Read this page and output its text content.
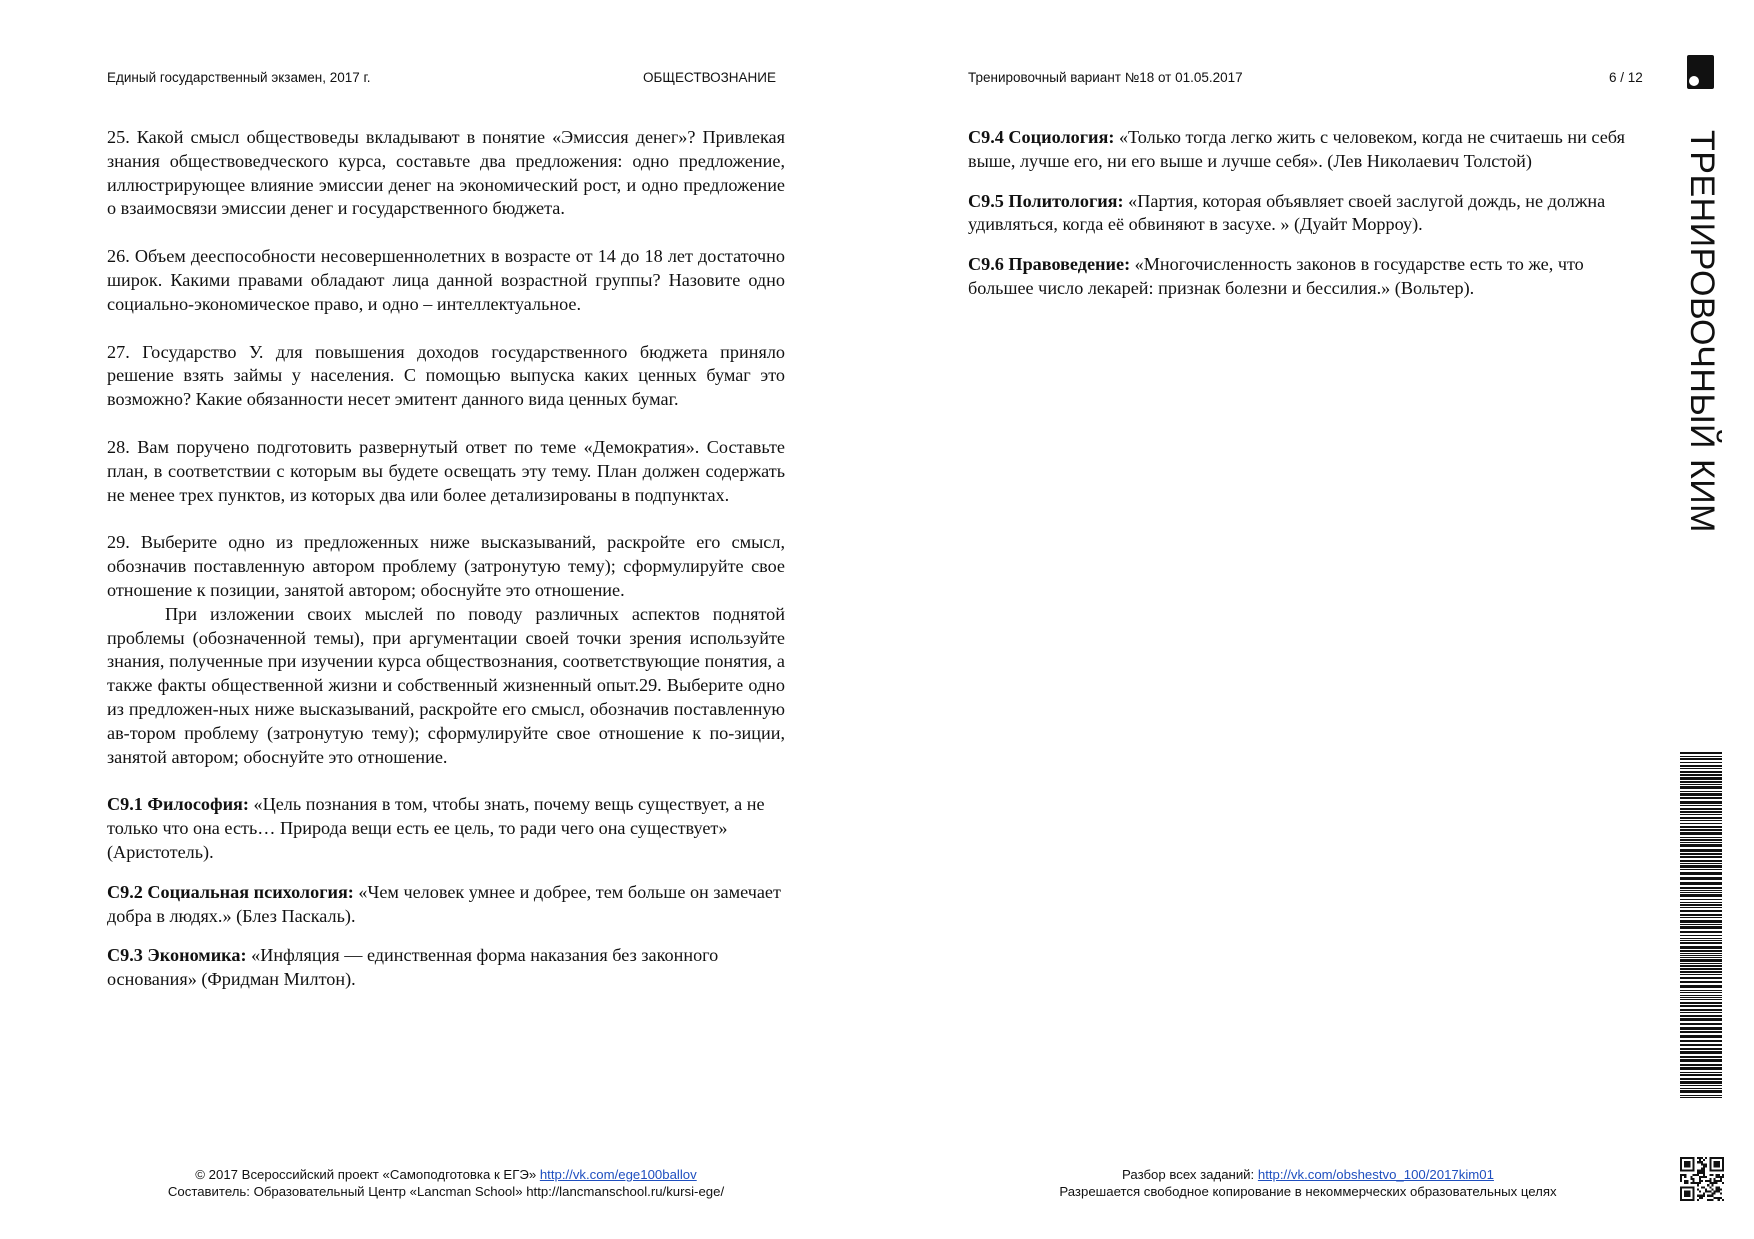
Единый государственный экзамен, 2017 г.	ОБЩЕСТВОЗНАНИЕ	Тренировочный вариант №18 от 01.05.2017	6 / 12
ТРЕНИРОВОЧНЫЙ КИМ

25. Какой смысл обществоведы вкладывают в понятие «Эмиссия денег»? Привлекая знания обществоведческого курса, составьте два предложения: одно предложение, иллюстрирующее влияние эмиссии денег на экономический рост, и одно предложение о взаимосвязи эмиссии денег и государственного бюджета.

26. Объем дееспособности несовершеннолетних в возрасте от 14 до 18 лет достаточно широк. Какими правами обладают лица данной возрастной группы? Назовите одно социально-экономическое право, и одно – интеллектуальное.

27. Государство У. для повышения доходов государственного бюджета приняло решение взять займы у населения. С помощью выпуска каких ценных бумаг это возможно? Какие обязанности несет эмитент данного вида ценных бумаг.

28. Вам поручено подготовить развернутый ответ по теме «Демократия». Составьте план, в соответствии с которым вы будете освещать эту тему. План должен содержать не менее трех пунктов, из которых два или более детализированы в подпунктах.

29. Выберите одно из предложенных ниже высказываний, раскройте его смысл, обозначив поставленную автором проблему (затронутую тему); сформулируйте свое отношение к позиции, занятой автором; обоснуйте это отношение.

При изложении своих мыслей по поводу различных аспектов поднятой проблемы (обозначенной темы), при аргументации своей точки зрения используйте знания, полученные при изучении курса обществознания, соответствующие понятия, а также факты общественной жизни и собственный жизненный опыт.29. Выберите одно из предложен-ных ниже высказываний, раскройте его смысл, обозначив поставленную ав-тором проблему (затронутую тему); сформулируйте свое отношение к по-зиции, занятой автором; обоснуйте это отношение.

С9.1 Философия: «Цель познания в том, чтобы знать, почему вещь существует, а не только что она есть… Природа вещи есть ее цель, то ради чего она существует» (Аристотель).

С9.2 Социальная психология: «Чем человек умнее и добрее, тем больше он замечает добра в людях.» (Блез Паскаль).

С9.3 Экономика: «Инфляция — единственная форма наказания без законного основания» (Фридман Милтон).

С9.4 Социология: «Только тогда легко жить с человеком, когда не считаешь ни себя выше, лучше его, ни его выше и лучше себя». (Лев Николаевич Толстой)

С9.5 Политология: «Партия, которая объявляет своей заслугой дождь, не должна удивляться, когда её обвиняют в засухе. » (Дуайт Морроу).

С9.6 Правоведение: «Многочисленность законов в государстве есть то же, что большее число лекарей: признак болезни и бессилия.» (Вольтер).

© 2017 Всероссийский проект «Самоподготовка к ЕГЭ» http://vk.com/ege100ballov
Составитель: Образовательный Центр «Lancman School» http://lancmanschool.ru/kursi-ege/
Разбор всех заданий: http://vk.com/obshestvo_100/2017kim01
Разрешается свободное копирование в некоммерческих образовательных целях
